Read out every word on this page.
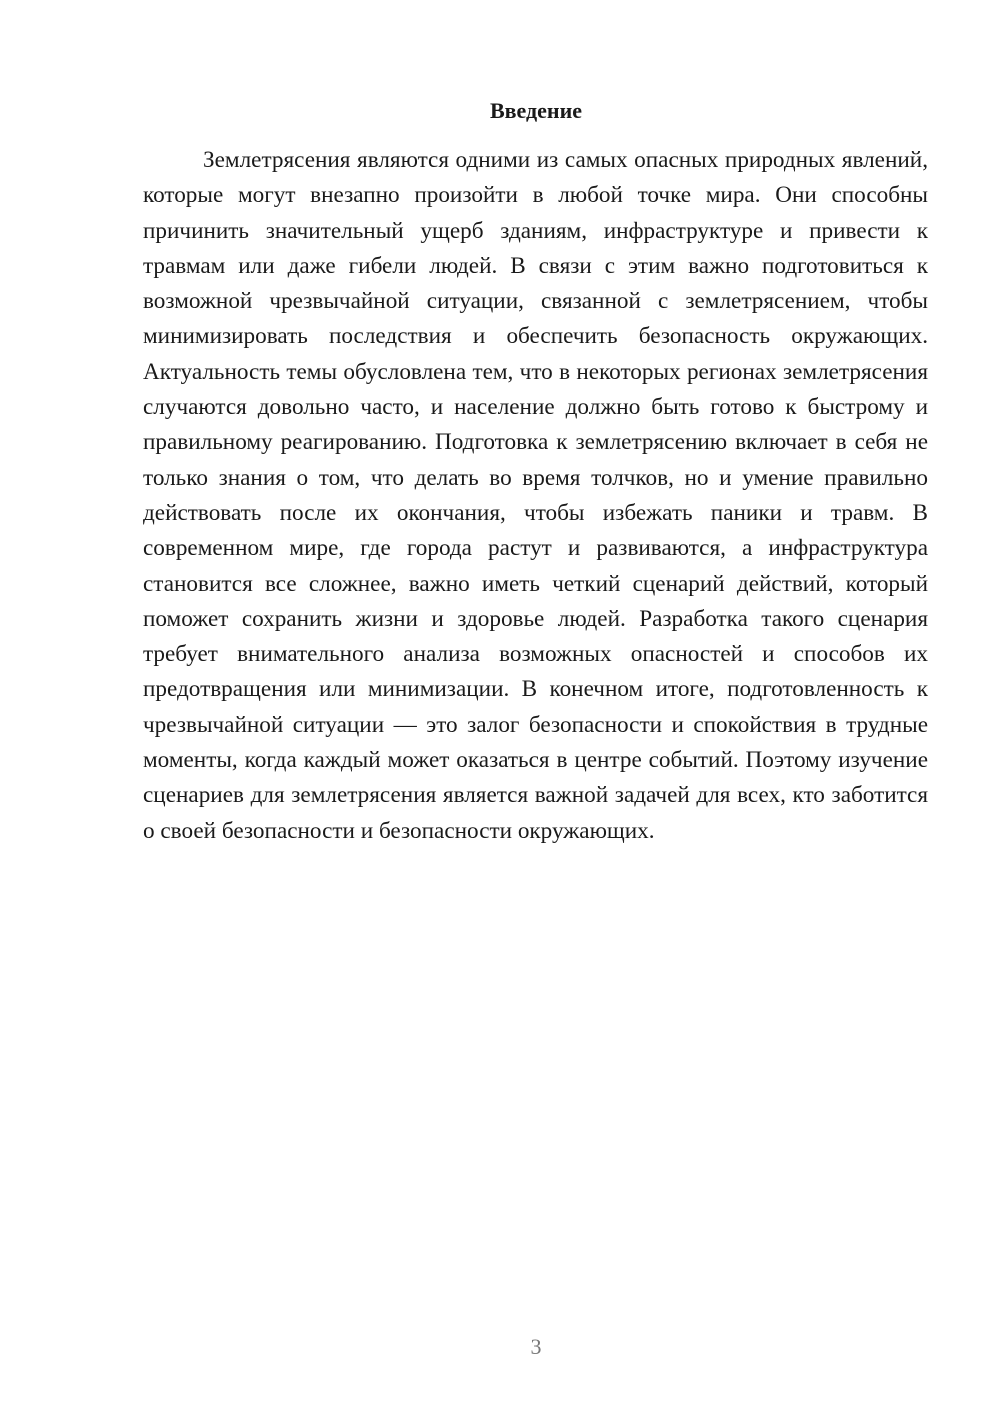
Введение

Землетрясения являются одними из самых опасных природных явлений, которые могут внезапно произойти в любой точке мира. Они способны причинить значительный ущерб зданиям, инфраструктуре и привести к травмам или даже гибели людей. В связи с этим важно подготовиться к возможной чрезвычайной ситуации, связанной с землетрясением, чтобы минимизировать последствия и обеспечить безопасность окружающих. Актуальность темы обусловлена тем, что в некоторых регионах землетрясения случаются довольно часто, и население должно быть готово к быстрому и правильному реагированию. Подготовка к землетрясению включает в себя не только знания о том, что делать во время толчков, но и умение правильно действовать после их окончания, чтобы избежать паники и травм. В современном мире, где города растут и развиваются, а инфраструктура становится все сложнее, важно иметь четкий сценарий действий, который поможет сохранить жизни и здоровье людей. Разработка такого сценария требует внимательного анализа возможных опасностей и способов их предотвращения или минимизации. В конечном итоге, подготовленность к чрезвычайной ситуации — это залог безопасности и спокойствия в трудные моменты, когда каждый может оказаться в центре событий. Поэтому изучение сценариев для землетрясения является важной задачей для всех, кто заботится о своей безопасности и безопасности окружающих.

3
